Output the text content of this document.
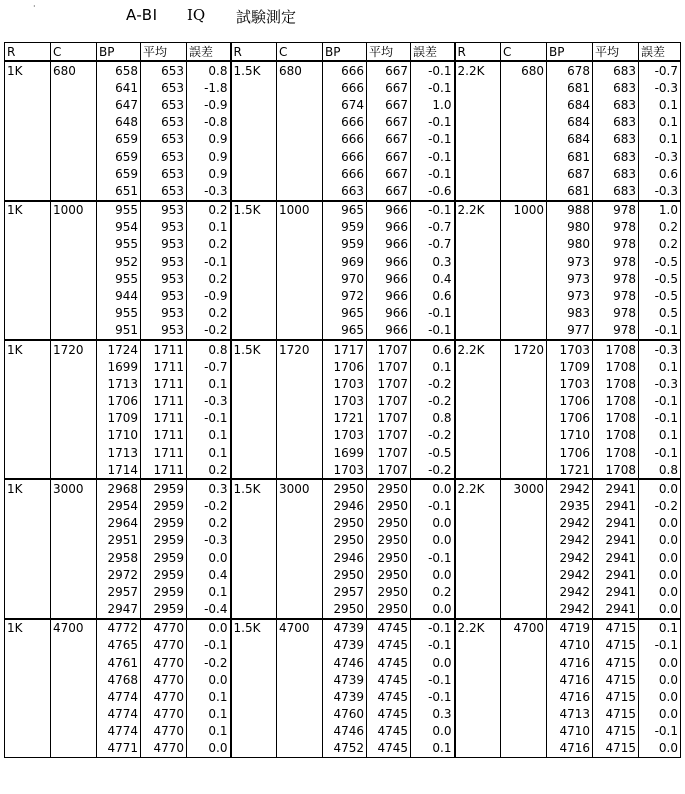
·	A-BI IQ 試験測定
R	C	BP	平均	誤差	R	C	BP	平均	誤差	R	C	BP	平均	誤差
1K	680	658	653	0.8	1.5K	680	666	667	-0.1	2.2K	680	678	683	-0.7
		641	653	-1.8			666	667	-0.1			681	683	-0.3
		647	653	-0.9			674	667	1.0			684	683	0.1
		648	653	-0.8			666	667	-0.1			684	683	0.1
		659	653	0.9			666	667	-0.1			684	683	0.1
		659	653	0.9			666	667	-0.1			681	683	-0.3
		659	653	0.9			666	667	-0.1			687	683	0.6
		651	653	-0.3			663	667	-0.6			681	683	-0.3
1K	1000	955	953	0.2	1.5K	1000	965	966	-0.1	2.2K	1000	988	978	1.0
		954	953	0.1			959	966	-0.7			980	978	0.2
		955	953	0.2			959	966	-0.7			980	978	0.2
		952	953	-0.1			969	966	0.3			973	978	-0.5
		955	953	0.2			970	966	0.4			973	978	-0.5
		944	953	-0.9			972	966	0.6			973	978	-0.5
		955	953	0.2			965	966	-0.1			983	978	0.5
		951	953	-0.2			965	966	-0.1			977	978	-0.1
1K	1720	1724	1711	0.8	1.5K	1720	1717	1707	0.6	2.2K	1720	1703	1708	-0.3
		1699	1711	-0.7			1706	1707	0.1			1709	1708	0.1
		1713	1711	0.1			1703	1707	-0.2			1703	1708	-0.3
		1706	1711	-0.3			1703	1707	-0.2			1706	1708	-0.1
		1709	1711	-0.1			1721	1707	0.8			1706	1708	-0.1
		1710	1711	0.1			1703	1707	-0.2			1710	1708	0.1
		1713	1711	0.1			1699	1707	-0.5			1706	1708	-0.1
		1714	1711	0.2			1703	1707	-0.2			1721	1708	0.8
1K	3000	2968	2959	0.3	1.5K	3000	2950	2950	0.0	2.2K	3000	2942	2941	0.0
		2954	2959	-0.2			2946	2950	-0.1			2935	2941	-0.2
		2964	2959	0.2			2950	2950	0.0			2942	2941	0.0
		2951	2959	-0.3			2950	2950	0.0			2942	2941	0.0
		2958	2959	0.0			2946	2950	-0.1			2942	2941	0.0
		2972	2959	0.4			2950	2950	0.0			2942	2941	0.0
		2957	2959	0.1			2957	2950	0.2			2942	2941	0.0
		2947	2959	-0.4			2950	2950	0.0			2942	2941	0.0
1K	4700	4772	4770	0.0	1.5K	4700	4739	4745	-0.1	2.2K	4700	4719	4715	0.1
		4765	4770	-0.1			4739	4745	-0.1			4710	4715	-0.1
		4761	4770	-0.2			4746	4745	0.0			4716	4715	0.0
		4768	4770	0.0			4739	4745	-0.1			4716	4715	0.0
		4774	4770	0.1			4739	4745	-0.1			4716	4715	0.0
		4774	4770	0.1			4760	4745	0.3			4713	4715	0.0
		4774	4770	0.1			4746	4745	0.0			4710	4715	-0.1
		4771	4770	0.0			4752	4745	0.1			4716	4715	0.0
